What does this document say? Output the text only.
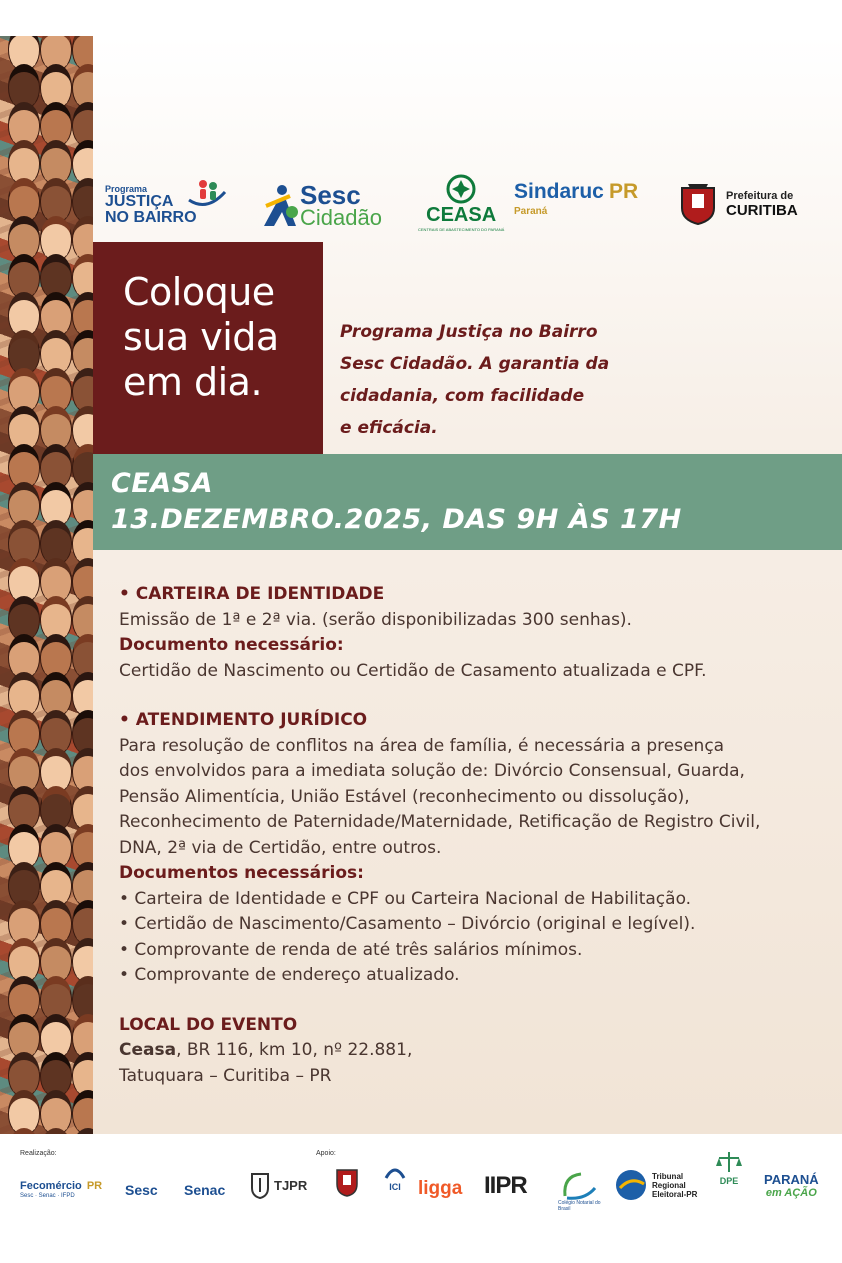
Programa
JUSTIÇA
NO BAIRRO
Sesc
Cidadão CEASA
CENTRAIS DE ABASTECIMENTO DO PARANÁ
Sindaruc PR
Paraná
Prefeitura de
CURITIBA
Coloque
sua vida
em dia.
Programa Justiça no Bairro
Sesc Cidadão. A garantia da
cidadania, com facilidade
e eficácia.
CEASA
13.DEZEMBRO.2025, DAS 9H ÀS 17H

• CARTEIRA DE IDENTIDADE

Emissão de 1ª e 2ª via. (serão disponibilizadas 300 senhas).

Documento necessário:

Certidão de Nascimento ou Certidão de Casamento atualizada e CPF.

• ATENDIMENTO JURÍDICO

Para resolução de conflitos na área de família, é necessária a presença

dos envolvidos para a imediata solução de: Divórcio Consensual, Guarda,

Pensão Alimentícia, União Estável (reconhecimento ou dissolução),

Reconhecimento de Paternidade/Maternidade, Retificação de Registro Civil,

DNA, 2ª via de Certidão, entre outros.

Documentos necessários:

• Carteira de Identidade e CPF ou Carteira Nacional de Habilitação.

• Certidão de Nascimento/Casamento – Divórcio (original e legível).

• Comprovante de renda de até três salários mínimos.

• Comprovante de endereço atualizado.

LOCAL DO EVENTO

Ceasa, BR 116, km 10, nº 22.881,

Tatuquara – Curitiba – PR

Realização:	Apoio:
Fecomércio PR
Sesc · Senac · IFPD	Sesc Senac	TJPR	ICI ligga IIPR
Colégio Notarial do Brasil
Tribunal
Regional
Eleitoral-PR
DPE PARANÁ
em AÇÃO
